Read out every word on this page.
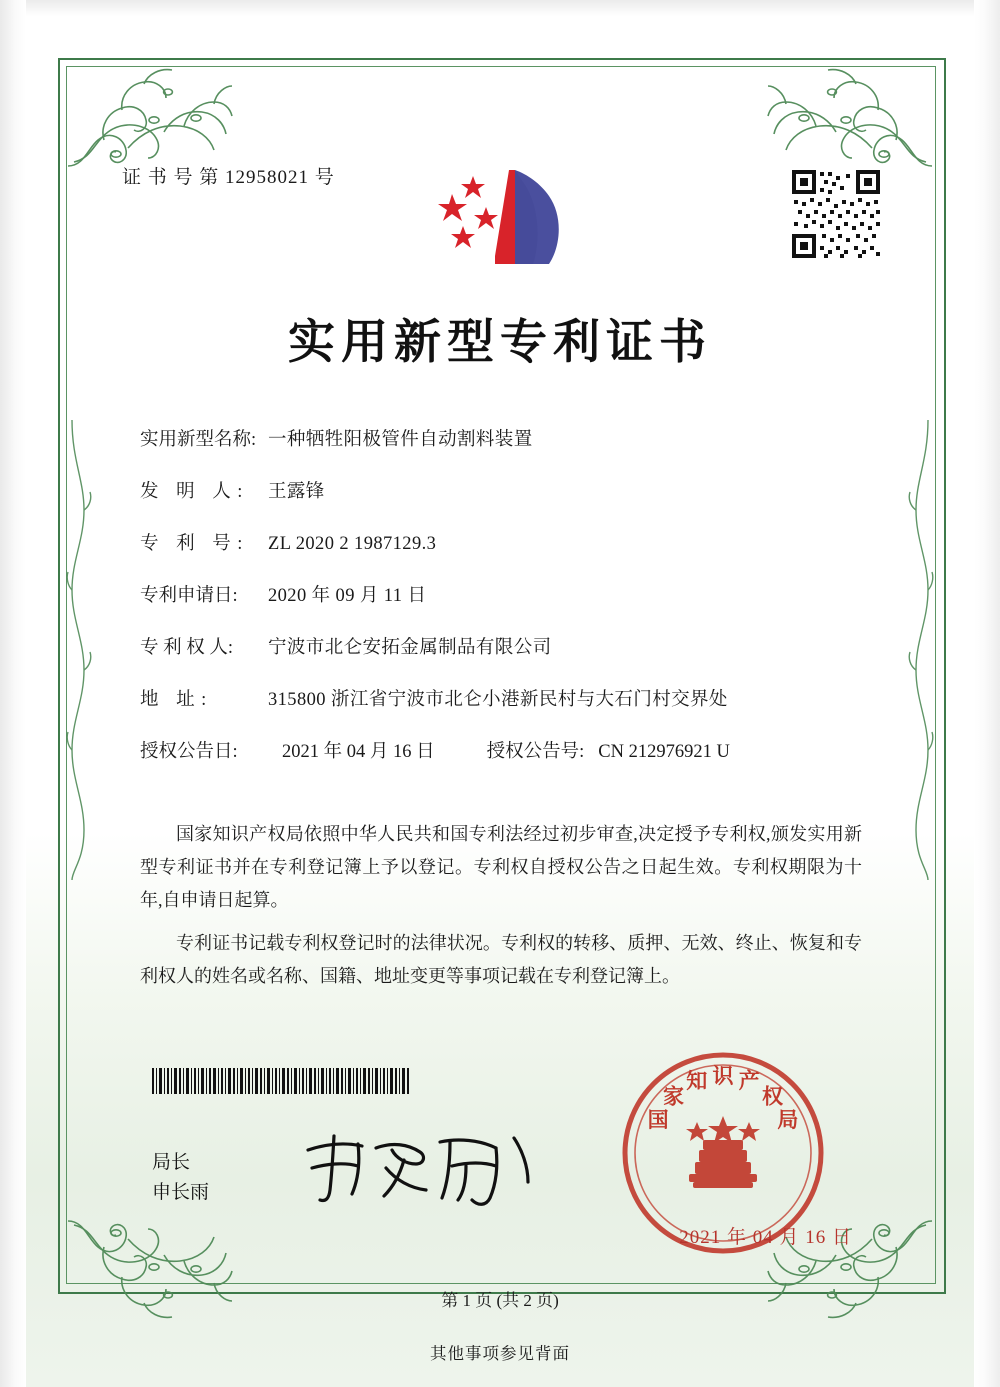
证 书 号 第 12958021 号
实用新型专利证书
实用新型名称: 一种牺牲阳极管件自动割料装置
发 明 人:	王露锋
专 利 号:	ZL 2020 2 1987129.3
专利申请日:	2020 年 09 月 11 日
专 利 权 人:	宁波市北仑安拓金属制品有限公司
地 址:	315800 浙江省宁波市北仑小港新民村与大石门村交界处
授权公告日:	2021 年 04 月 16 日	授权公告号: CN 212976921 U

国家知识产权局依照中华人民共和国专利法经过初步审查,决定授予专利权,颁发实用新型专利证书并在专利登记簿上予以登记。专利权自授权公告之日起生效。专利权期限为十年,自申请日起算。

专利证书记载专利权登记时的法律状况。专利权的转移、质押、无效、终止、恢复和专利权人的姓名或名称、国籍、地址变更等事项记载在专利登记簿上。

局长
申长雨
国
家
知 识 产
权
局
2021 年 04 月 16 日
第 1 页 (共 2 页)
其他事项参见背面
